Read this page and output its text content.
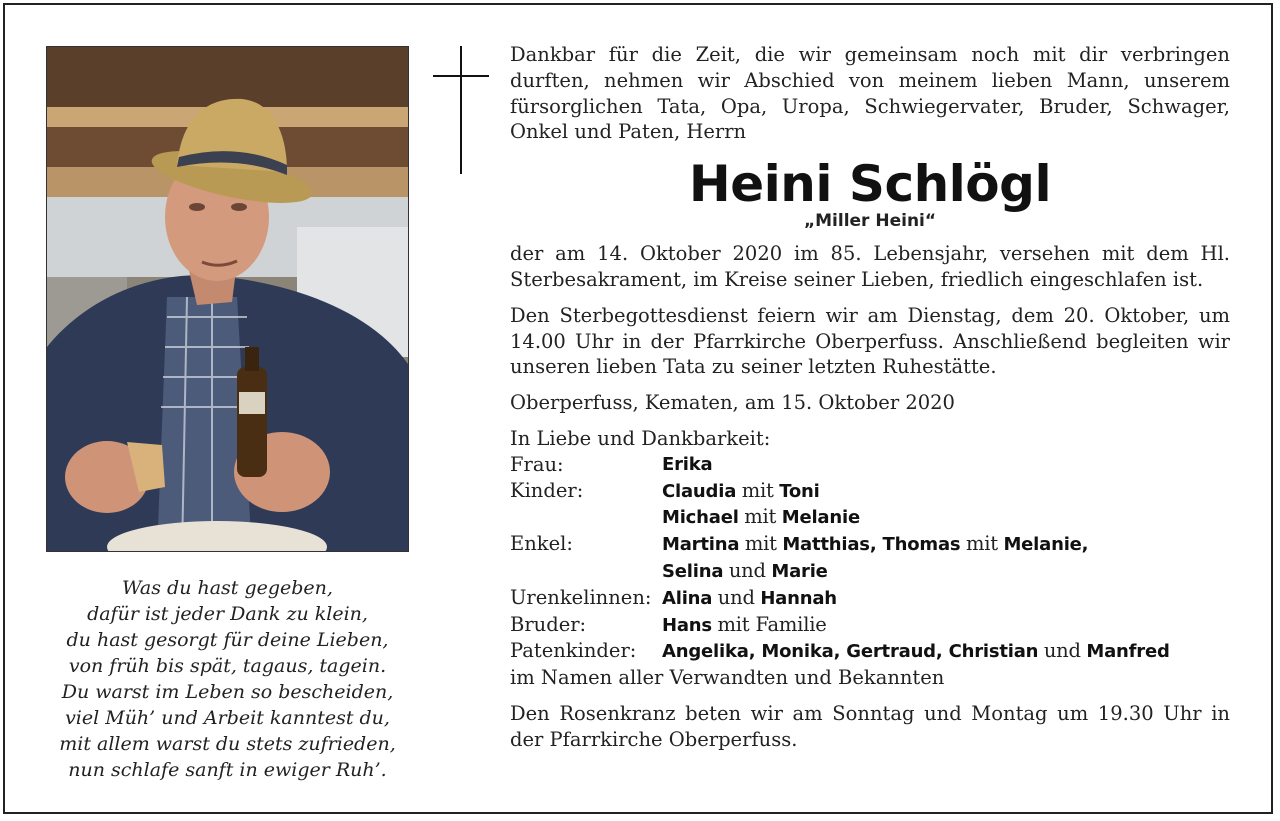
Was du hast gegeben,
dafür ist jeder Dank zu klein,
du hast gesorgt für deine Lieben,
von früh bis spät, tagaus, tagein.
Du warst im Leben so bescheiden,
viel Müh’ und Arbeit kanntest du,
mit allem warst du stets zufrieden,
nun schlafe sanft in ewiger Ruh’.

Dankbar für die Zeit, die wir gemeinsam noch mit dir verbringen durften, nehmen wir Abschied von meinem lieben Mann, unserem fürsorglichen Tata, Opa, Uropa, Schwiegervater, Bruder, Schwager, Onkel und Paten, Herrn

Heini Schlögl
„Miller Heini“

der am 14. Oktober 2020 im 85. Lebensjahr, versehen mit dem Hl. Sterbesakrament, im Kreise seiner Lieben, friedlich eingeschlafen ist.

Den Sterbegottesdienst feiern wir am Dienstag, dem 20. Oktober, um 14.00 Uhr in der Pfarrkirche Oberperfuss. Anschließend begleiten wir unseren lieben Tata zu seiner letzten Ruhestätte.

Oberperfuss, Kematen, am 15. Oktober 2020

In Liebe und Dankbarkeit:

Frau:	Erika
Kinder:	Claudia mit Toni
Michael mit Melanie
Enkel:	Martina mit Matthias, Thomas mit Melanie,
Selina und Marie
Urenkelinnen: Alina und Hannah
Bruder:	Hans mit Familie
Patenkinder:	Angelika, Monika, Gertraud, Christian und Manfred
im Namen aller Verwandten und Bekannten

Den Rosenkranz beten wir am Sonntag und Montag um 19.30 Uhr in der Pfarrkirche Oberperfuss.
